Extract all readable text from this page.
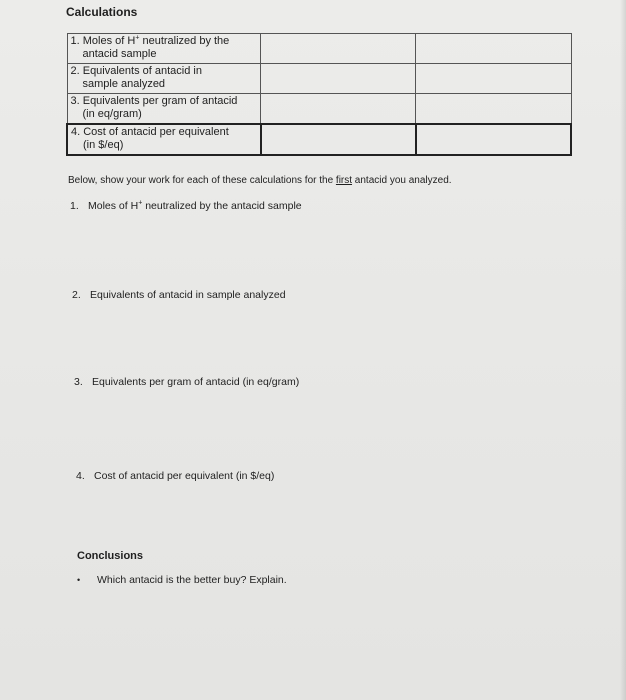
Calculations
1. Moles of H+ neutralized by the
antacid sample		

2. Equivalents of antacid in
sample analyzed		

3. Equivalents per gram of antacid
(in eq/gram)		

4. Cost of antacid per equivalent
(in $/eq)		

Below, show your work for each of these calculations for the first antacid you analyzed.
1. Moles of H+ neutralized by the antacid sample
2. Equivalents of antacid in sample analyzed
3. Equivalents per gram of antacid (in eq/gram)
4. Cost of antacid per equivalent (in $/eq)
Conclusions
• Which antacid is the better buy? Explain.
